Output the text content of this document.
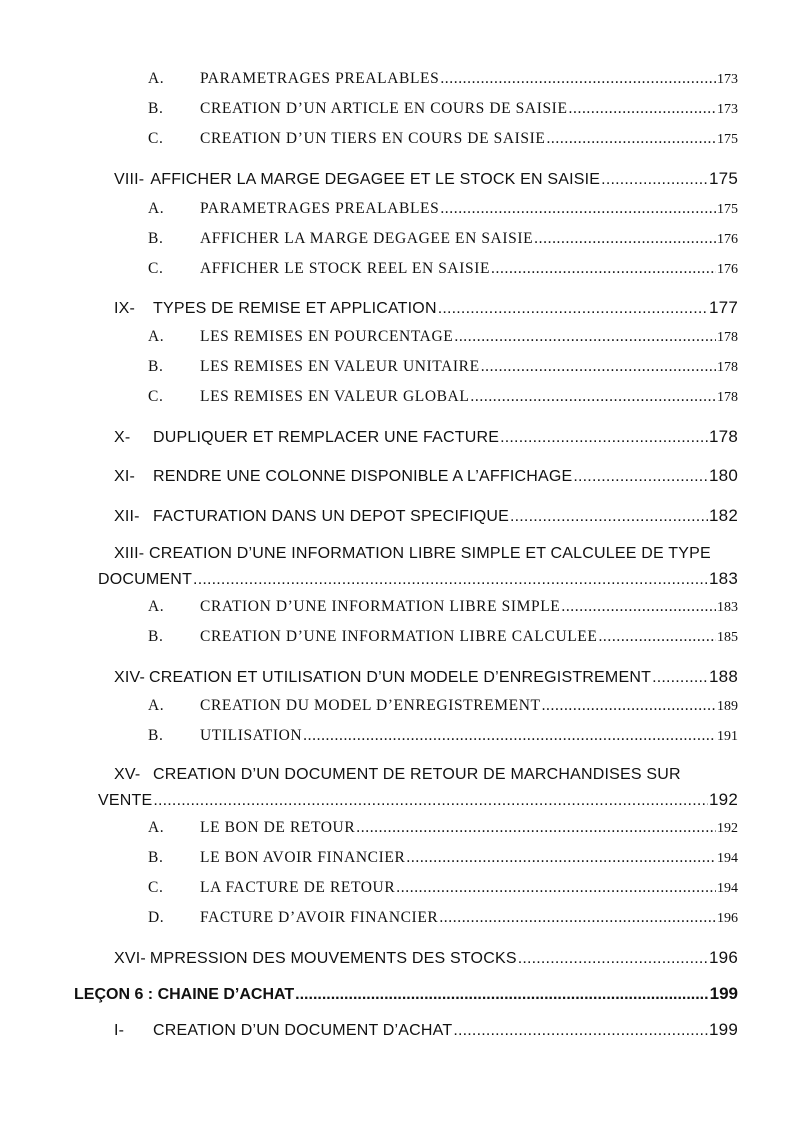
A.	PARAMETRAGES PREALABLES .....	173
B.	CREATION D’UN ARTICLE EN COURS DE SAISIE .....	173
C.	CREATION D’UN TIERS EN COURS DE SAISIE .....	175
VIII- AFFICHER LA MARGE DEGAGEE ET LE STOCK EN SAISIE .....	175
A.	PARAMETRAGES PREALABLES .....	175
B.	AFFICHER LA MARGE DEGAGEE EN SAISIE .....	176
C.	AFFICHER LE STOCK REEL EN SAISIE .....	176
IX-	TYPES DE REMISE ET APPLICATION .....	177
A.	LES REMISES EN POURCENTAGE .....	178
B.	LES REMISES EN VALEUR UNITAIRE .....	178
C.	LES REMISES EN VALEUR GLOBAL .....	178
X-	DUPLIQUER ET REMPLACER UNE FACTURE .....	178
XI-	RENDRE UNE COLONNE DISPONIBLE A L’AFFICHAGE .....	180
XII- FACTURATION DANS UN DEPOT SPECIFIQUE .....	182
XIII- CREATION D’UNE INFORMATION LIBRE SIMPLE ET CALCULEE DE TYPE
DOCUMENT .....	183
A.	CRATION D’UNE INFORMATION LIBRE SIMPLE .....	183
B.	CREATION D’UNE INFORMATION LIBRE CALCULEE .....	185
XIV- CREATION ET UTILISATION D’UN MODELE D’ENREGISTREMENT .....	188
A.	CREATION DU MODEL D’ENREGISTREMENT .....	189
B.	UTILISATION .....	191
XV- CREATION D’UN DOCUMENT DE RETOUR DE MARCHANDISES SUR
VENTE .....	192
A.	LE BON DE RETOUR .....	192
B.	LE BON AVOIR FINANCIER .....	194
C.	LA FACTURE DE RETOUR .....	194
D.	FACTURE D’AVOIR FINANCIER .....	196
XVI- MPRESSION DES MOUVEMENTS DES STOCKS .....	196
LEÇON 6 : CHAINE D’ACHAT .....	199
I-	CREATION D’UN DOCUMENT D’ACHAT .....	199
